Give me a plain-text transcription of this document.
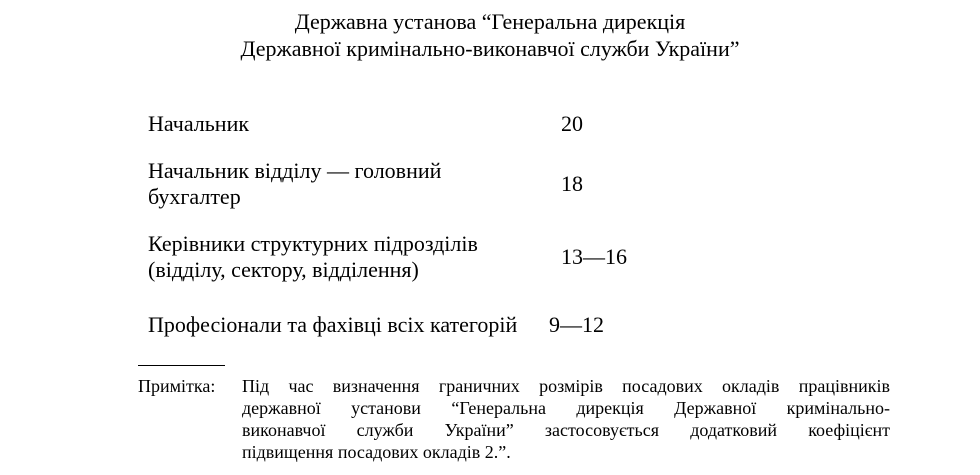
Державна установа “Генеральна дирекція
Державної кримінально-виконавчої служби України”
Начальник	20
Начальник відділу — головний
бухгалтер
18
Керівники структурних підрозділів
(відділу, сектору, відділення)
13—16
Професіонали та фахівці всіх категорій	9—12
Примітка: Під час визначення граничних розмірів посадових окладів працівників
державної установи “Генеральна дирекція Державної кримінально-
виконавчої служби України” застосовується додатковий коефіцієнт
підвищення посадових окладів 2.”.
